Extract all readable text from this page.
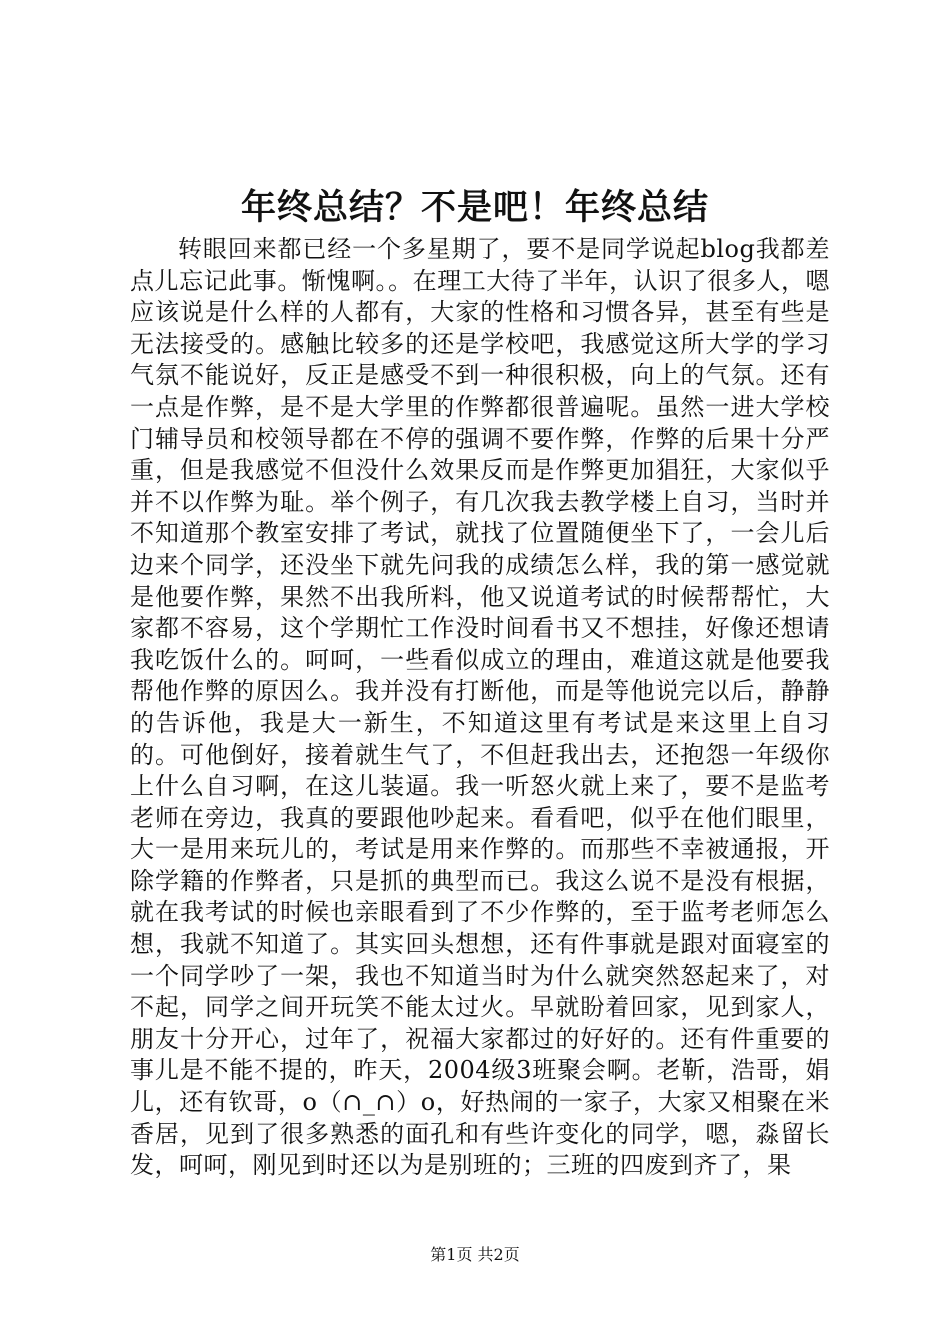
年终总结？不是吧！年终总结

转眼回来都已经一个多星期了，要不是同学说起blog我都差点儿忘记此事。惭愧啊。。在理工大待了半年，认识了很多人，嗯应该说是什么样的人都有，大家的性格和习惯各异，甚至有些是无法接受的。感触比较多的还是学校吧，我感觉这所大学的学习气氛不能说好，反正是感受不到一种很积极，向上的气氛。还有一点是作弊，是不是大学里的作弊都很普遍呢。虽然一进大学校门辅导员和校领导都在不停的强调不要作弊，作弊的后果十分严重，但是我感觉不但没什么效果反而是作弊更加猖狂，大家似乎并不以作弊为耻。举个例子，有几次我去教学楼上自习，当时并不知道那个教室安排了考试，就找了位置随便坐下了，一会儿后边来个同学，还没坐下就先问我的成绩怎么样，我的第一感觉就是他要作弊，果然不出我所料，他又说道考试的时候帮帮忙，大家都不容易，这个学期忙工作没时间看书又不想挂，好像还想请我吃饭什么的。呵呵，一些看似成立的理由，难道这就是他要我帮他作弊的原因么。我并没有打断他，而是等他说完以后，静静的告诉他，我是大一新生，不知道这里有考试是来这里上自习的。可他倒好，接着就生气了，不但赶我出去，还抱怨一年级你上什么自习啊，在这儿装逼。我一听怒火就上来了，要不是监考老师在旁边，我真的要跟他吵起来。看看吧，似乎在他们眼里，大一是用来玩儿的，考试是用来作弊的。而那些不幸被通报，开除学籍的作弊者，只是抓的典型而已。我这么说不是没有根据，就在我考试的时候也亲眼看到了不少作弊的，至于监考老师怎么想，我就不知道了。其实回头想想，还有件事就是跟对面寝室的一个同学吵了一架，我也不知道当时为什么就突然怒起来了，对不起，同学之间开玩笑不能太过火。早就盼着回家，见到家人，朋友十分开心，过年了，祝福大家都过的好好的。还有件重要的事儿是不能不提的，昨天，2004级3班聚会啊。老靳，浩哥，娟儿，还有钦哥，o（∩_∩）o，好热闹的一家子，大家又相聚在米香居，见到了很多熟悉的面孔和有些许变化的同学，嗯，淼留长发，呵呵，刚见到时还以为是别班的；三班的四废到齐了，果

第1页 共2页
